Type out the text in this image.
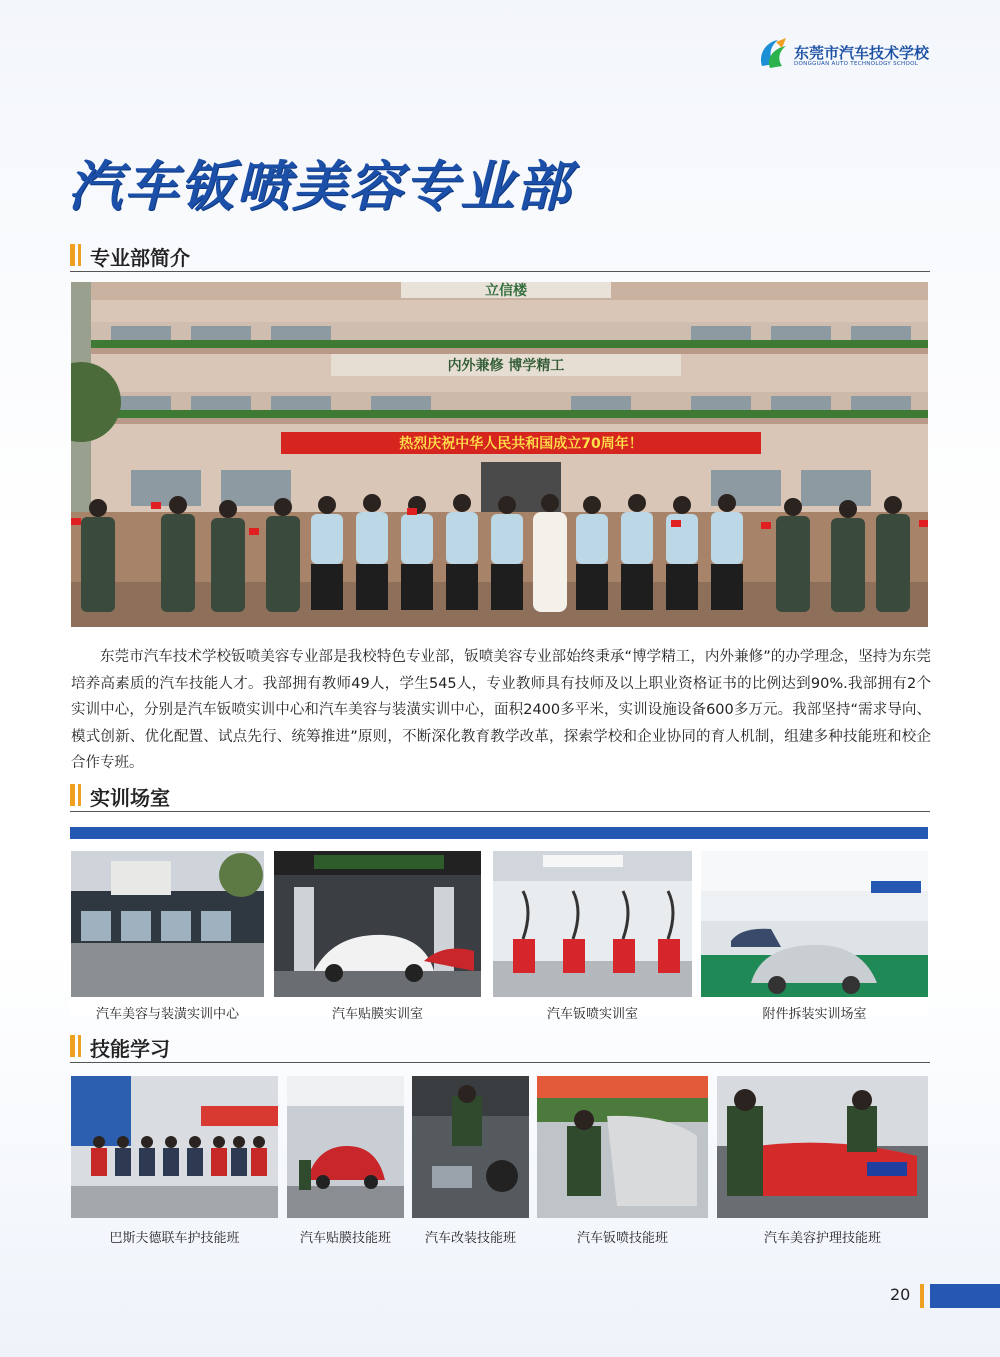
东莞市汽车技术学校
DONGGUAN AUTO TECHNOLOGY SCHOOL
汽车钣喷美容专业部
专业部简介
立信楼
内外兼修 博学精工
热烈庆祝中华人民共和国成立70周年！

东莞市汽车技术学校钣喷美容专业部是我校特色专业部，钣喷美容专业部始终秉承“博学精工，内外兼修”的办学理念，坚持为东莞培养高素质的汽车技能人才。我部拥有教师49人，学生545人，专业教师具有技师及以上职业资格证书的比例达到90%.我部拥有2个实训中心，分别是汽车钣喷实训中心和汽车美容与装潢实训中心，面积2400多平米，实训设施设备600多万元。我部坚持“需求导向、模式创新、优化配置、试点先行、统筹推进”原则，不断深化教育教学改革，探索学校和企业协同的育人机制，组建多种技能班和校企合作专班。

实训场室
汽车美容与装潢实训中心	汽车贴膜实训室	汽车钣喷实训室	附件拆装实训场室
技能学习
巴斯夫德联车护技能班	汽车贴膜技能班	汽车改装技能班	汽车钣喷技能班	汽车美容护理技能班
20
